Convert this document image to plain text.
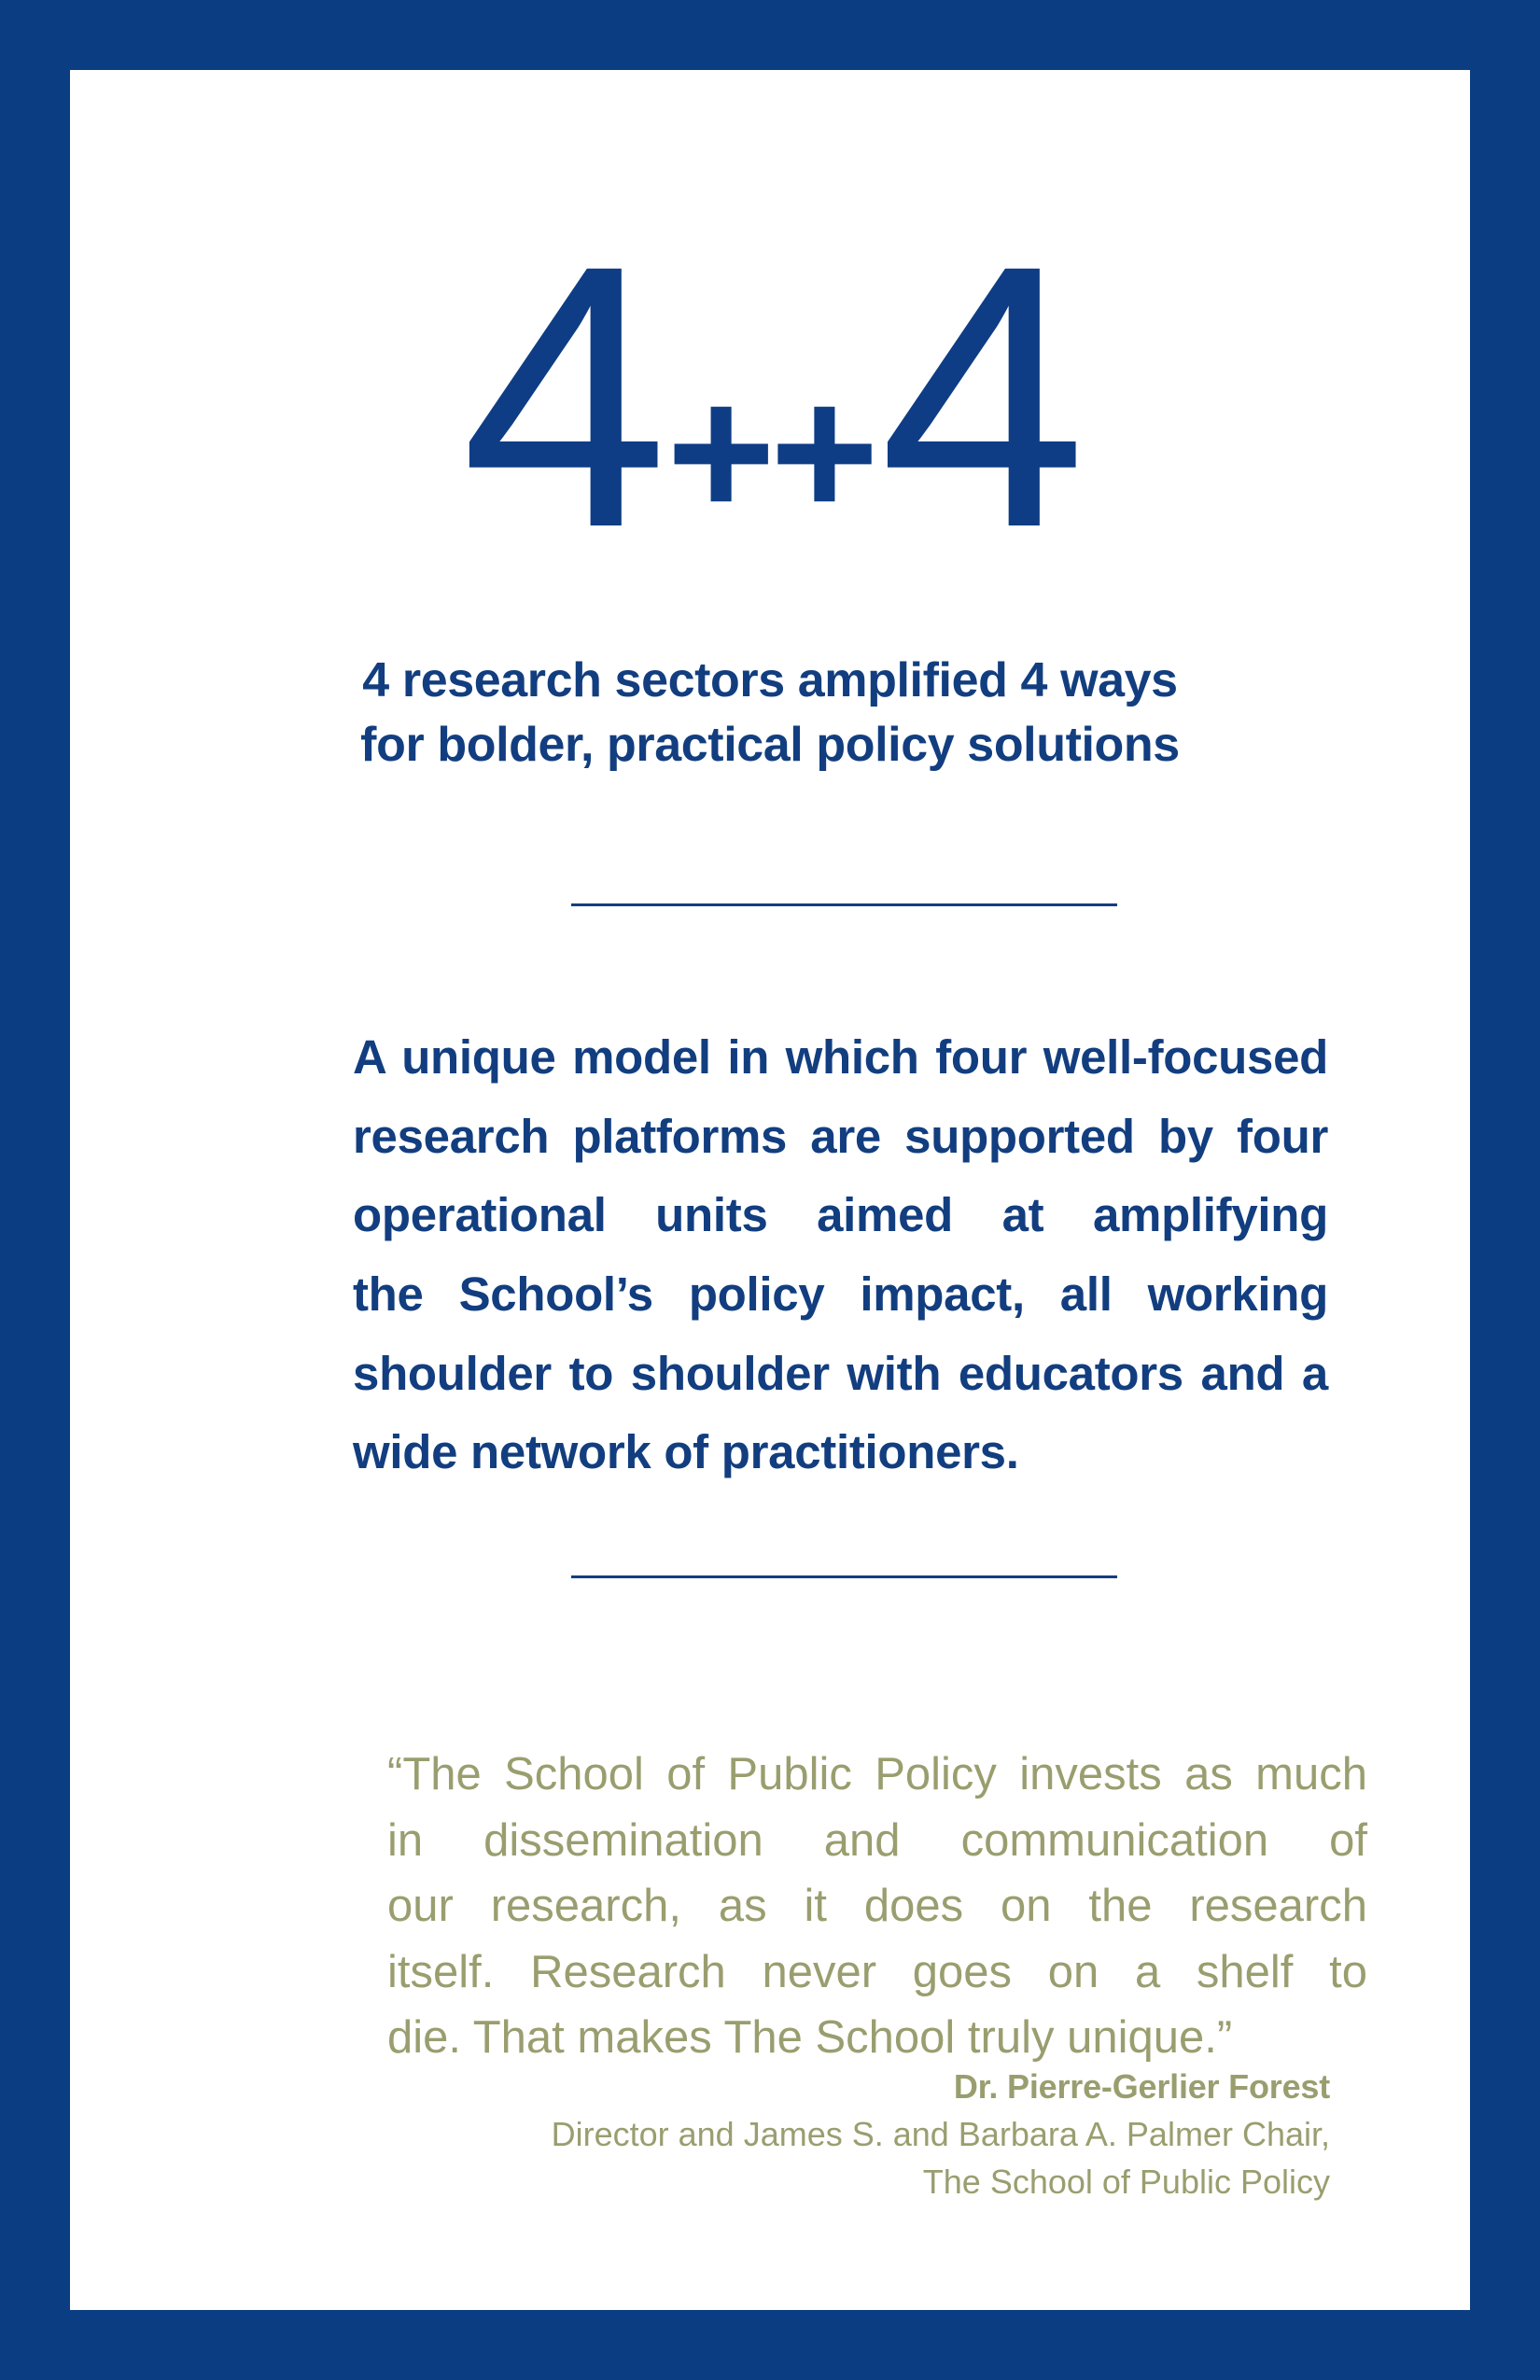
4++4
4 research sectors amplified 4 ways
for bolder, practical policy solutions
A unique model in which four well-focused
research platforms are supported by four
operational units aimed at amplifying
the School’s policy impact, all working
shoulder to shoulder with educators and a
wide network of practitioners.
“The School of Public Policy invests as much
in dissemination and communication of
our research, as it does on the research
itself. Research never goes on a shelf to
die. That makes The School truly unique.”
Dr. Pierre-Gerlier Forest
Director and James S. and Barbara A. Palmer Chair,
The School of Public Policy
